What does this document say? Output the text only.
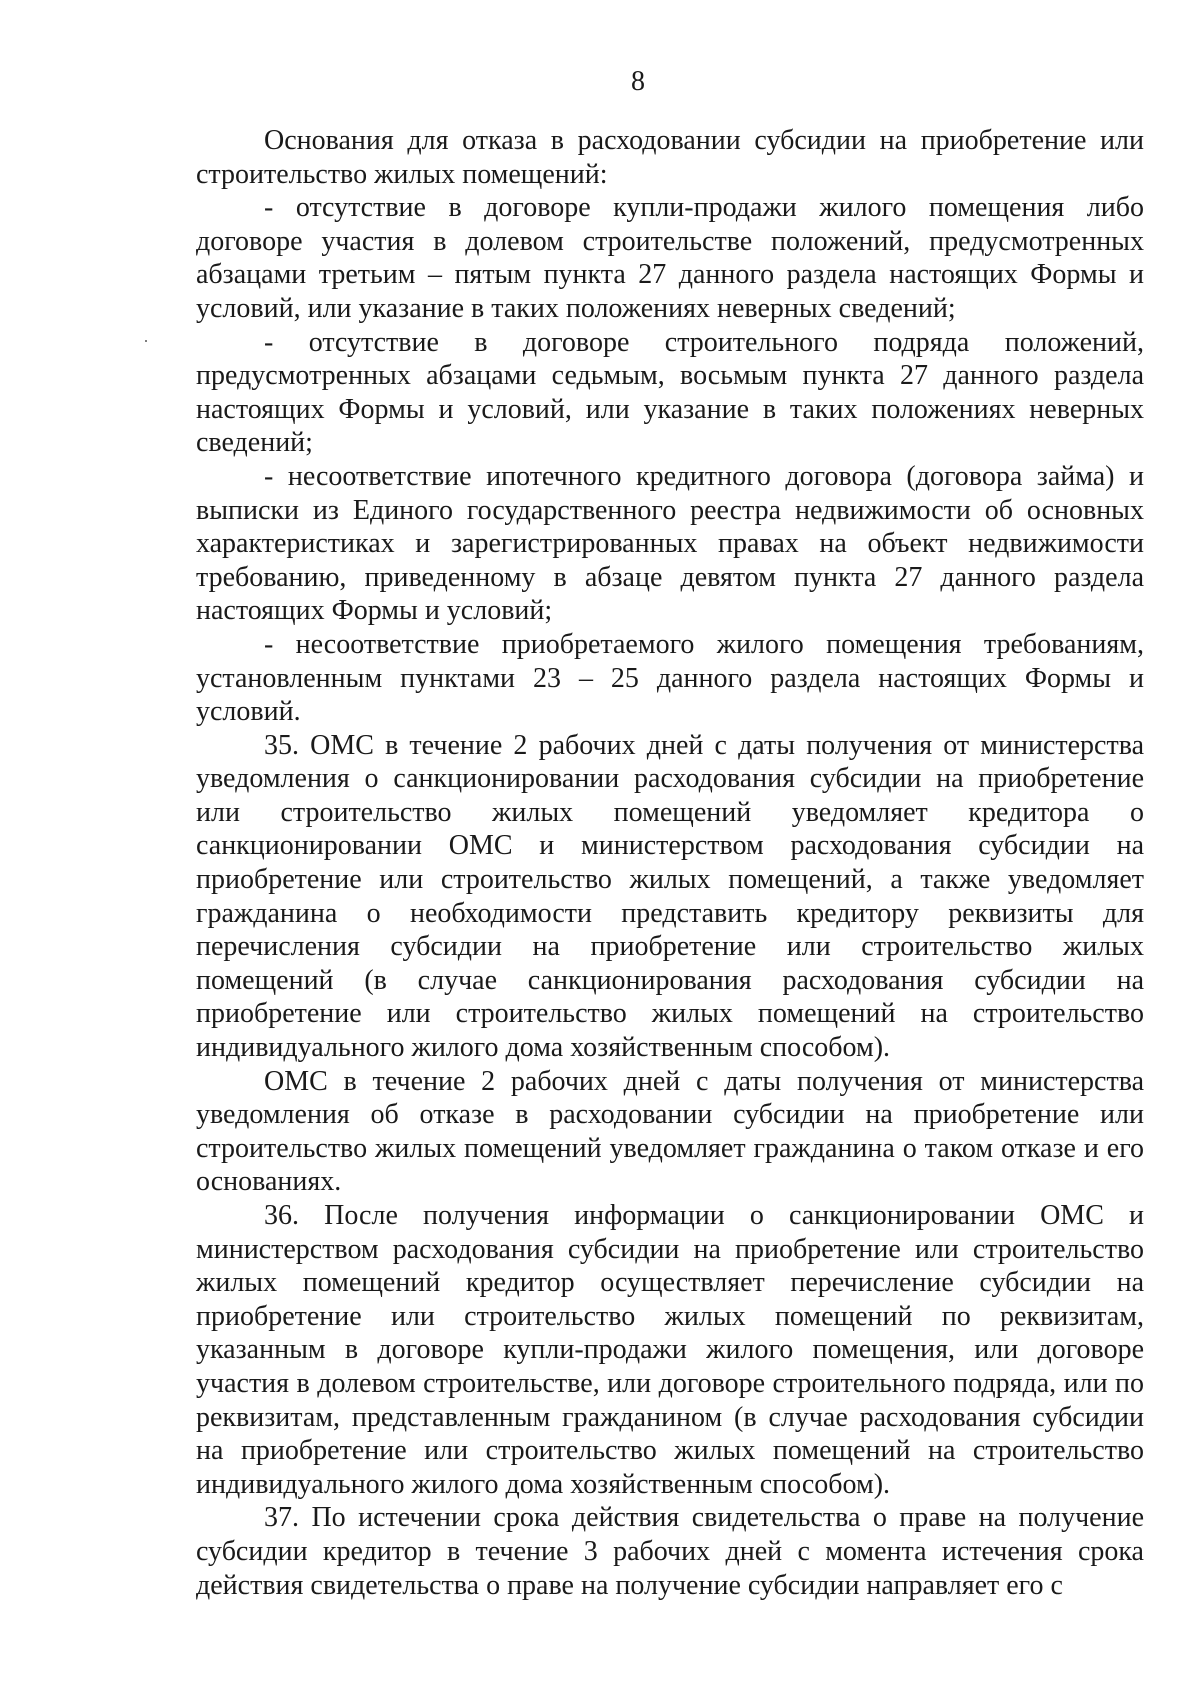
8

Основания для отказа в расходовании субсидии на приобретение или строительство жилых помещений:

- отсутствие в договоре купли-продажи жилого помещения либо договоре участия в долевом строительстве положений, предусмотренных абзацами третьим – пятым пункта 27 данного раздела настоящих Формы и условий, или указание в таких положениях неверных сведений;

- отсутствие в договоре строительного подряда положений, предусмотренных абзацами седьмым, восьмым пункта 27 данного раздела настоящих Формы и условий, или указание в таких положениях неверных сведений;

- несоответствие ипотечного кредитного договора (договора займа) и выписки из Единого государственного реестра недвижимости об основных характеристиках и зарегистрированных правах на объект недвижимости требованию, приведенному в абзаце девятом пункта 27 данного раздела настоящих Формы и условий;

- несоответствие приобретаемого жилого помещения требованиям, установленным пунктами 23 – 25 данного раздела настоящих Формы и условий.

35. ОМС в течение 2 рабочих дней с даты получения от министерства уведомления о санкционировании расходования субсидии на приобретение или строительство жилых помещений уведомляет кредитора о санкционировании ОМС и министерством расходования субсидии на приобретение или строительство жилых помещений, а также уведомляет гражданина о необходимости представить кредитору реквизиты для перечисления субсидии на приобретение или строительство жилых помещений (в случае санкционирования расходования субсидии на приобретение или строительство жилых помещений на строительство индивидуального жилого дома хозяйственным способом).

ОМС в течение 2 рабочих дней с даты получения от министерства уведомления об отказе в расходовании субсидии на приобретение или строительство жилых помещений уведомляет гражданина о таком отказе и его основаниях.

36. После получения информации о санкционировании ОМС и министерством расходования субсидии на приобретение или строительство жилых помещений кредитор осуществляет перечисление субсидии на приобретение или строительство жилых помещений по реквизитам, указанным в договоре купли-продажи жилого помещения, или договоре участия в долевом строительстве, или договоре строительного подряда, или по реквизитам, представленным гражданином (в случае расходования субсидии на приобретение или строительство жилых помещений на строительство индивидуального жилого дома хозяйственным способом).

37. По истечении срока действия свидетельства о праве на получение субсидии кредитор в течение 3 рабочих дней с момента истечения срока действия свидетельства о праве на получение субсидии направляет его с
